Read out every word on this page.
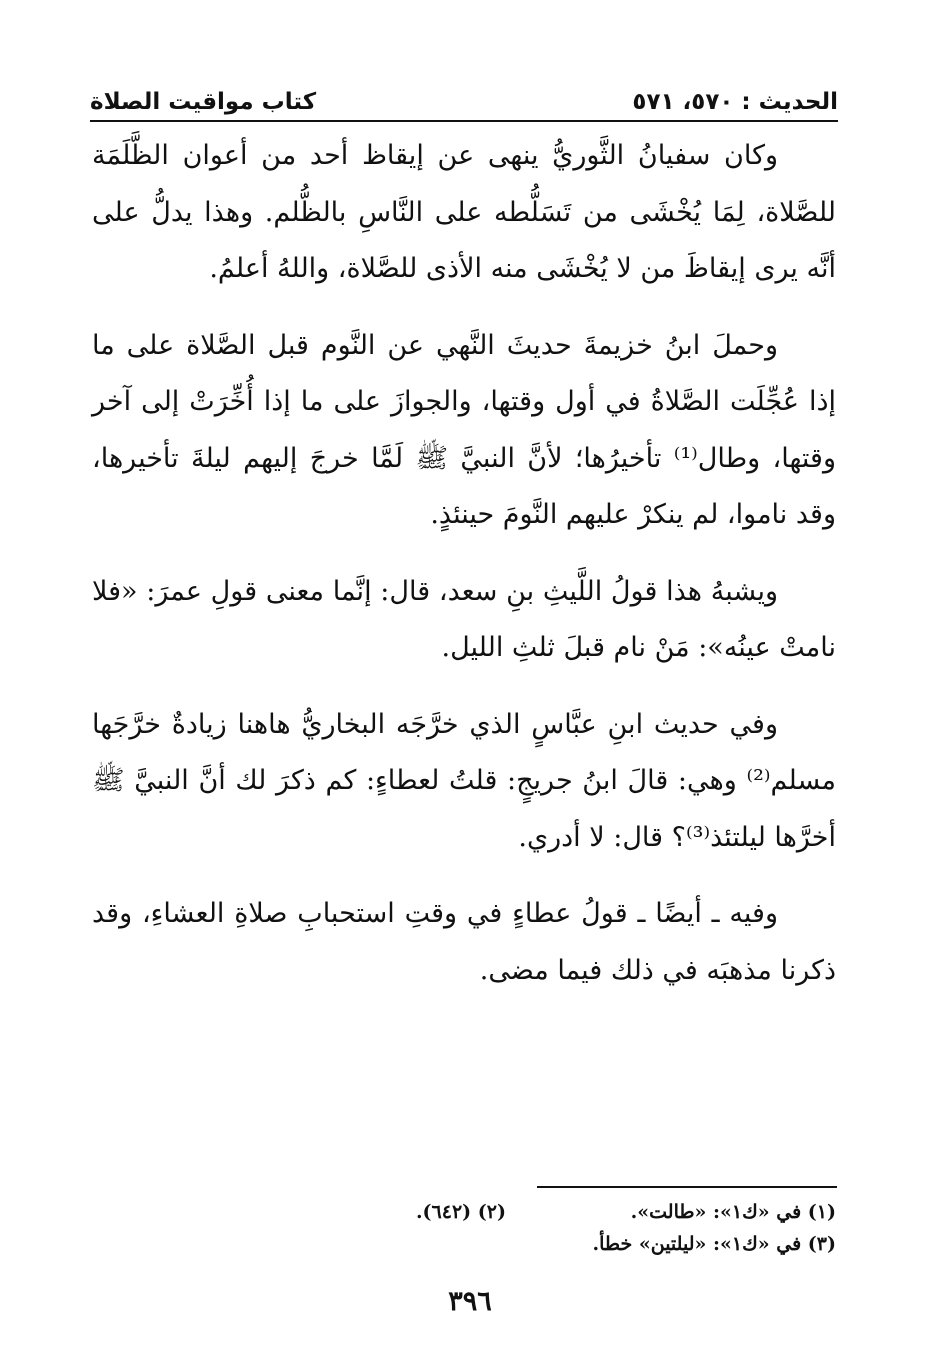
الحديث : ٥٧٠، ٥٧١
كتاب مواقيت الصلاة

وكان سفيانُ الثَّوريُّ ينهى عن إيقاظ أحد من أعوان الظَّلَمَة للصَّلاة، لِمَا يُخْشَى من تَسَلُّطه على النَّاسِ بالظُّلم. وهذا يدلُّ على أنَّه يرى إيقاظَ من لا يُخْشَى منه الأذى للصَّلاة، واللهُ أعلمُ.

وحملَ ابنُ خزيمةَ حديثَ النَّهي عن النَّوم قبل الصَّلاة على ما إذا عُجِّلَت الصَّلاةُ في أول وقتها، والجوازَ على ما إذا أُخِّرَتْ إلى آخر وقتها، وطال⁽¹⁾ تأخيرُها؛ لأنَّ النبيَّ ﷺ لَمَّا خرجَ إليهم ليلةَ تأخيرها، وقد ناموا، لم ينكرْ عليهم النَّومَ حينئذٍ.

ويشبهُ هذا قولُ اللَّيثِ بنِ سعد، قال: إنَّما معنى قولِ عمرَ: «فلا نامتْ عينُه»: مَنْ نام قبلَ ثلثِ الليل.

وفي حديث ابنِ عبَّاسٍ الذي خرَّجَه البخاريُّ هاهنا زيادةٌ خرَّجَها مسلم⁽²⁾ وهي: قالَ ابنُ جريجٍ: قلتُ لعطاءٍ: كم ذكرَ لك أنَّ النبيَّ ﷺ أخرَّها ليلتئذ⁽³⁾؟ قال: لا أدري.

وفيه ـ أيضًا ـ قولُ عطاءٍ في وقتِ استحبابِ صلاةِ العشاءِ، وقد ذكرنا مذهبَه في ذلك فيما مضى.

(١) في «ك١»: «طالت».
(٢) (٦٤٢).
(٣) في «ك١»: «ليلتين» خطأ.
٣٩٦
